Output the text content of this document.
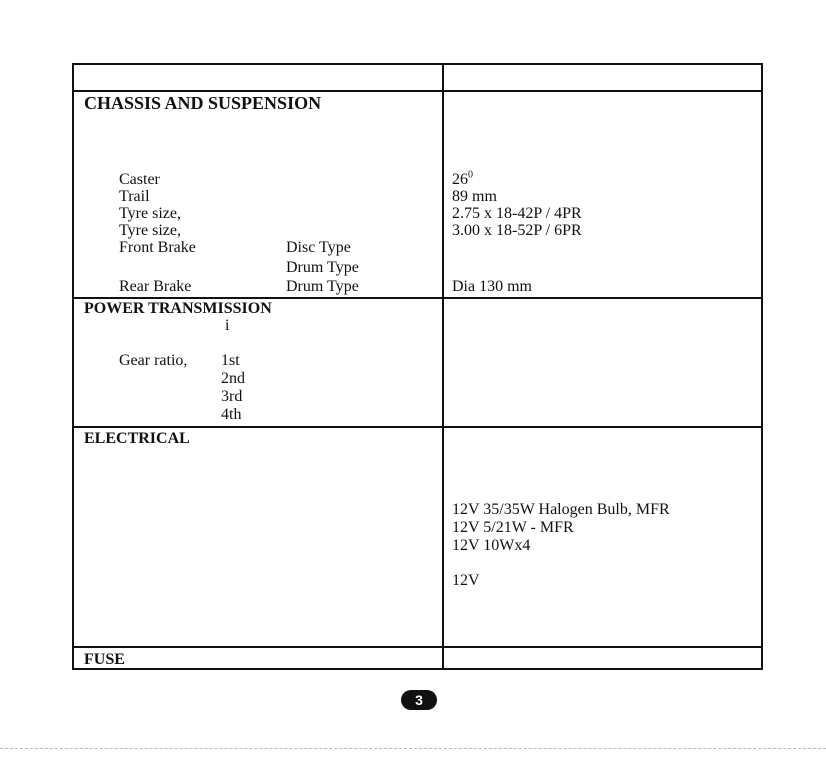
CHASSIS AND SUSPENSION
Caster	$26^0$
Trail	89 mm
Tyre size,	2.75 x 18-42P / 4PR
Tyre size,	3.00 x 18-52P / 6PR
Front Brake	Disc Type
Drum Type
Rear Brake	Drum Type	Dia 130 mm
POWER TRANSMISSION
i
Gear ratio, 1st
2nd
3rd
4th
ELECTRICAL
12V 35/35W Halogen Bulb, MFR
12V 5/21W - MFR
12V 10Wx4
12V
FUSE
3
